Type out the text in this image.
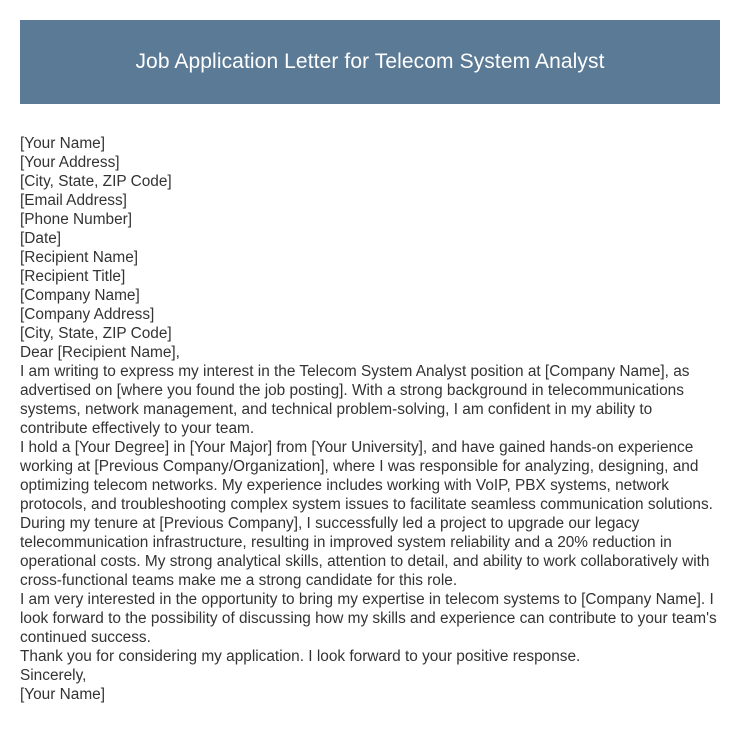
Job Application Letter for Telecom System Analyst
[Your Name]
[Your Address]
[City, State, ZIP Code]
[Email Address]
[Phone Number]
[Date]
[Recipient Name]
[Recipient Title]
[Company Name]
[Company Address]
[City, State, ZIP Code]
Dear [Recipient Name],
I am writing to express my interest in the Telecom System Analyst position at [Company Name], as advertised on [where you found the job posting]. With a strong background in telecommunications systems, network management, and technical problem-solving, I am confident in my ability to contribute effectively to your team.
I hold a [Your Degree] in [Your Major] from [Your University], and have gained hands-on experience working at [Previous Company/Organization], where I was responsible for analyzing, designing, and optimizing telecom networks. My experience includes working with VoIP, PBX systems, network protocols, and troubleshooting complex system issues to facilitate seamless communication solutions.
During my tenure at [Previous Company], I successfully led a project to upgrade our legacy telecommunication infrastructure, resulting in improved system reliability and a 20% reduction in operational costs. My strong analytical skills, attention to detail, and ability to work collaboratively with cross-functional teams make me a strong candidate for this role.
I am very interested in the opportunity to bring my expertise in telecom systems to [Company Name]. I look forward to the possibility of discussing how my skills and experience can contribute to your team's continued success.
Thank you for considering my application. I look forward to your positive response.
Sincerely,
[Your Name]
